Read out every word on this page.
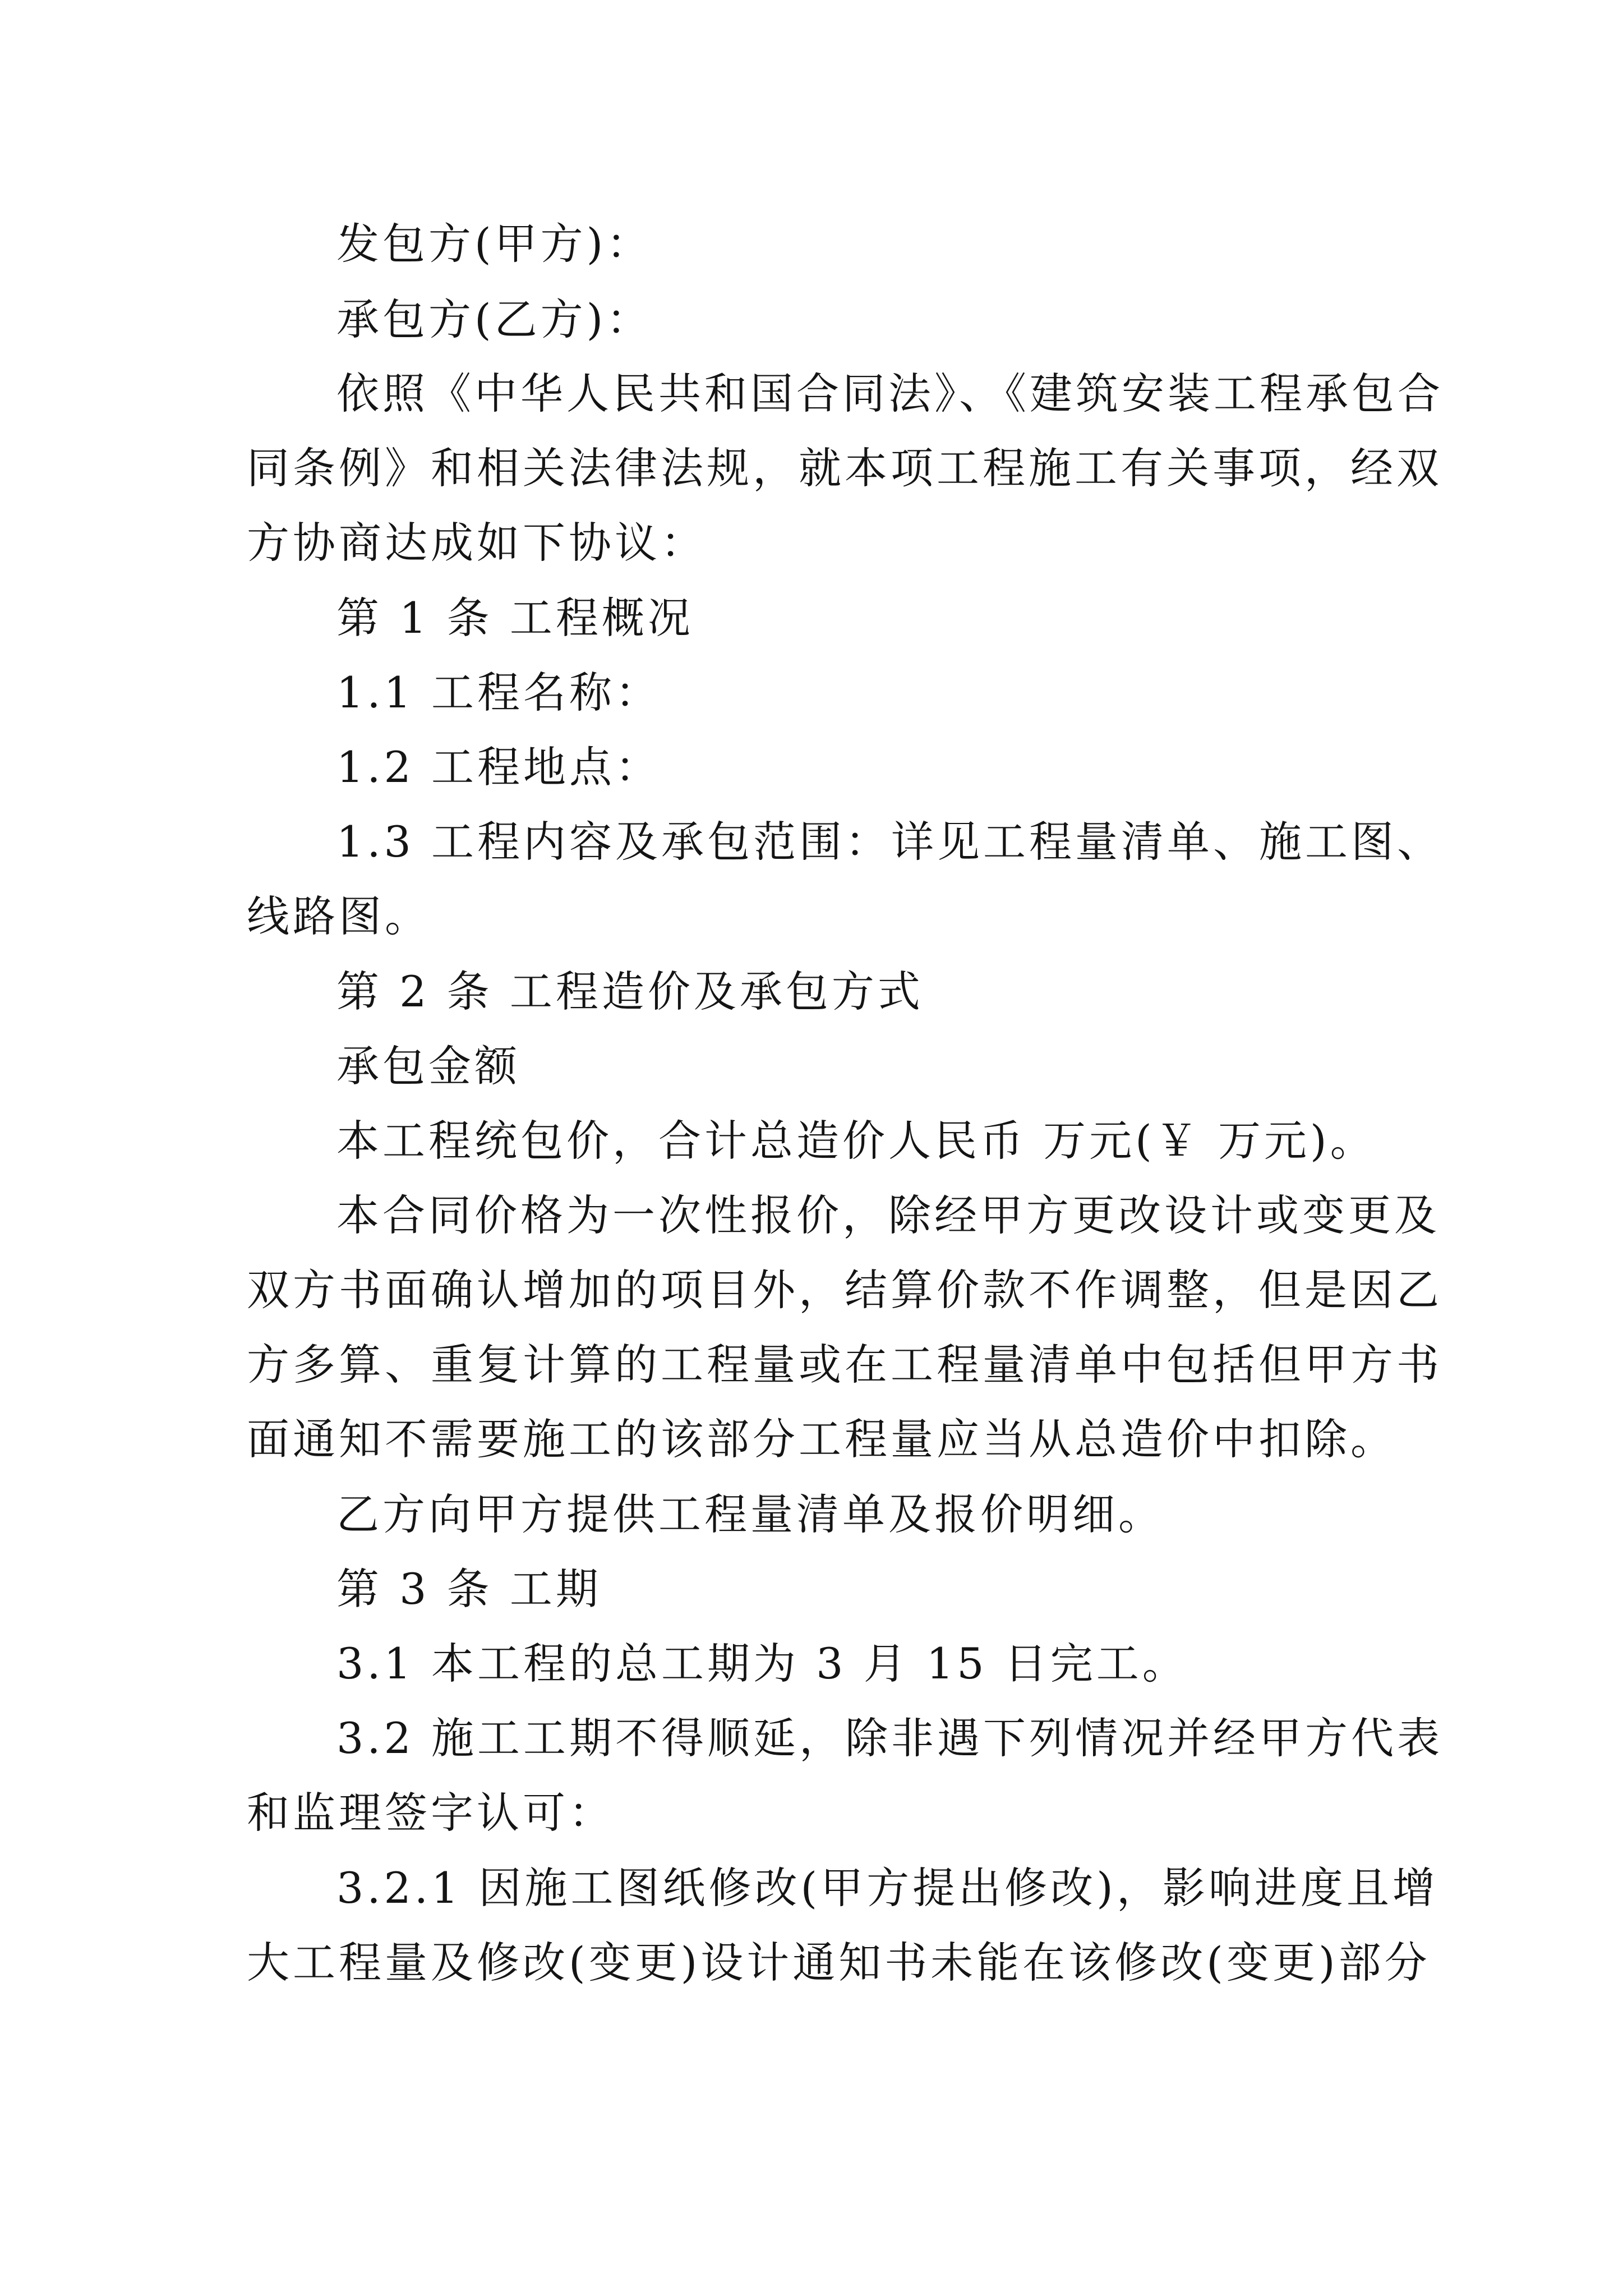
发包方(甲方)：

承包方(乙方)：

依照《中华人民共和国合同法》、《建筑安装工程承包合

同条例》和相关法律法规，就本项工程施工有关事项，经双

方协商达成如下协议：

第 1 条 工程概况

1.1 工程名称：

1.2 工程地点：

1.3 工程内容及承包范围：详见工程量清单、施工图、

线路图。

第 2 条 工程造价及承包方式

承包金额

本工程统包价，合计总造价人民币 万元(￥ 万元)。

本合同价格为一次性报价，除经甲方更改设计或变更及

双方书面确认增加的项目外，结算价款不作调整，但是因乙

方多算、重复计算的工程量或在工程量清单中包括但甲方书

面通知不需要施工的该部分工程量应当从总造价中扣除。

乙方向甲方提供工程量清单及报价明细。

第 3 条 工期

3.1 本工程的总工期为 3 月 15 日完工。

3.2 施工工期不得顺延，除非遇下列情况并经甲方代表

和监理签字认可：

3.2.1 因施工图纸修改(甲方提出修改)，影响进度且增

大工程量及修改(变更)设计通知书未能在该修改(变更)部分
